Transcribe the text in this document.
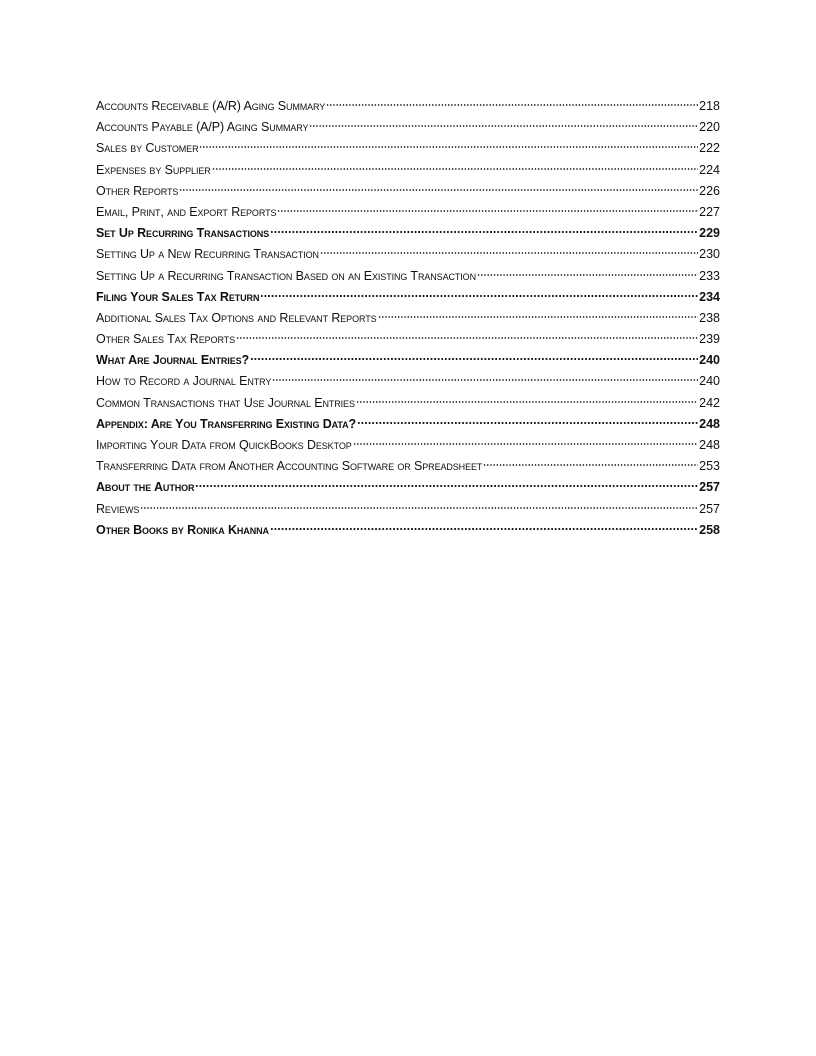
Accounts Receivable (A/R) Aging Summary	218
Accounts Payable (A/P) Aging Summary	220
Sales by Customer	222
Expenses by Supplier	224
Other Reports	226
Email, Print, and Export Reports	227
Set Up Recurring Transactions	229
Setting Up a New Recurring Transaction	230
Setting Up a Recurring Transaction Based on an Existing Transaction	233
Filing Your Sales Tax Return	234
Additional Sales Tax Options and Relevant Reports	238
Other Sales Tax Reports	239
What Are Journal Entries?	240
How to Record a Journal Entry	240
Common Transactions that Use Journal Entries	242
Appendix: Are You Transferring Existing Data?	248
Importing Your Data from QuickBooks Desktop	248
Transferring Data from Another Accounting Software or Spreadsheet	253
About the Author	257
Reviews	257
Other Books by Ronika Khanna	258
